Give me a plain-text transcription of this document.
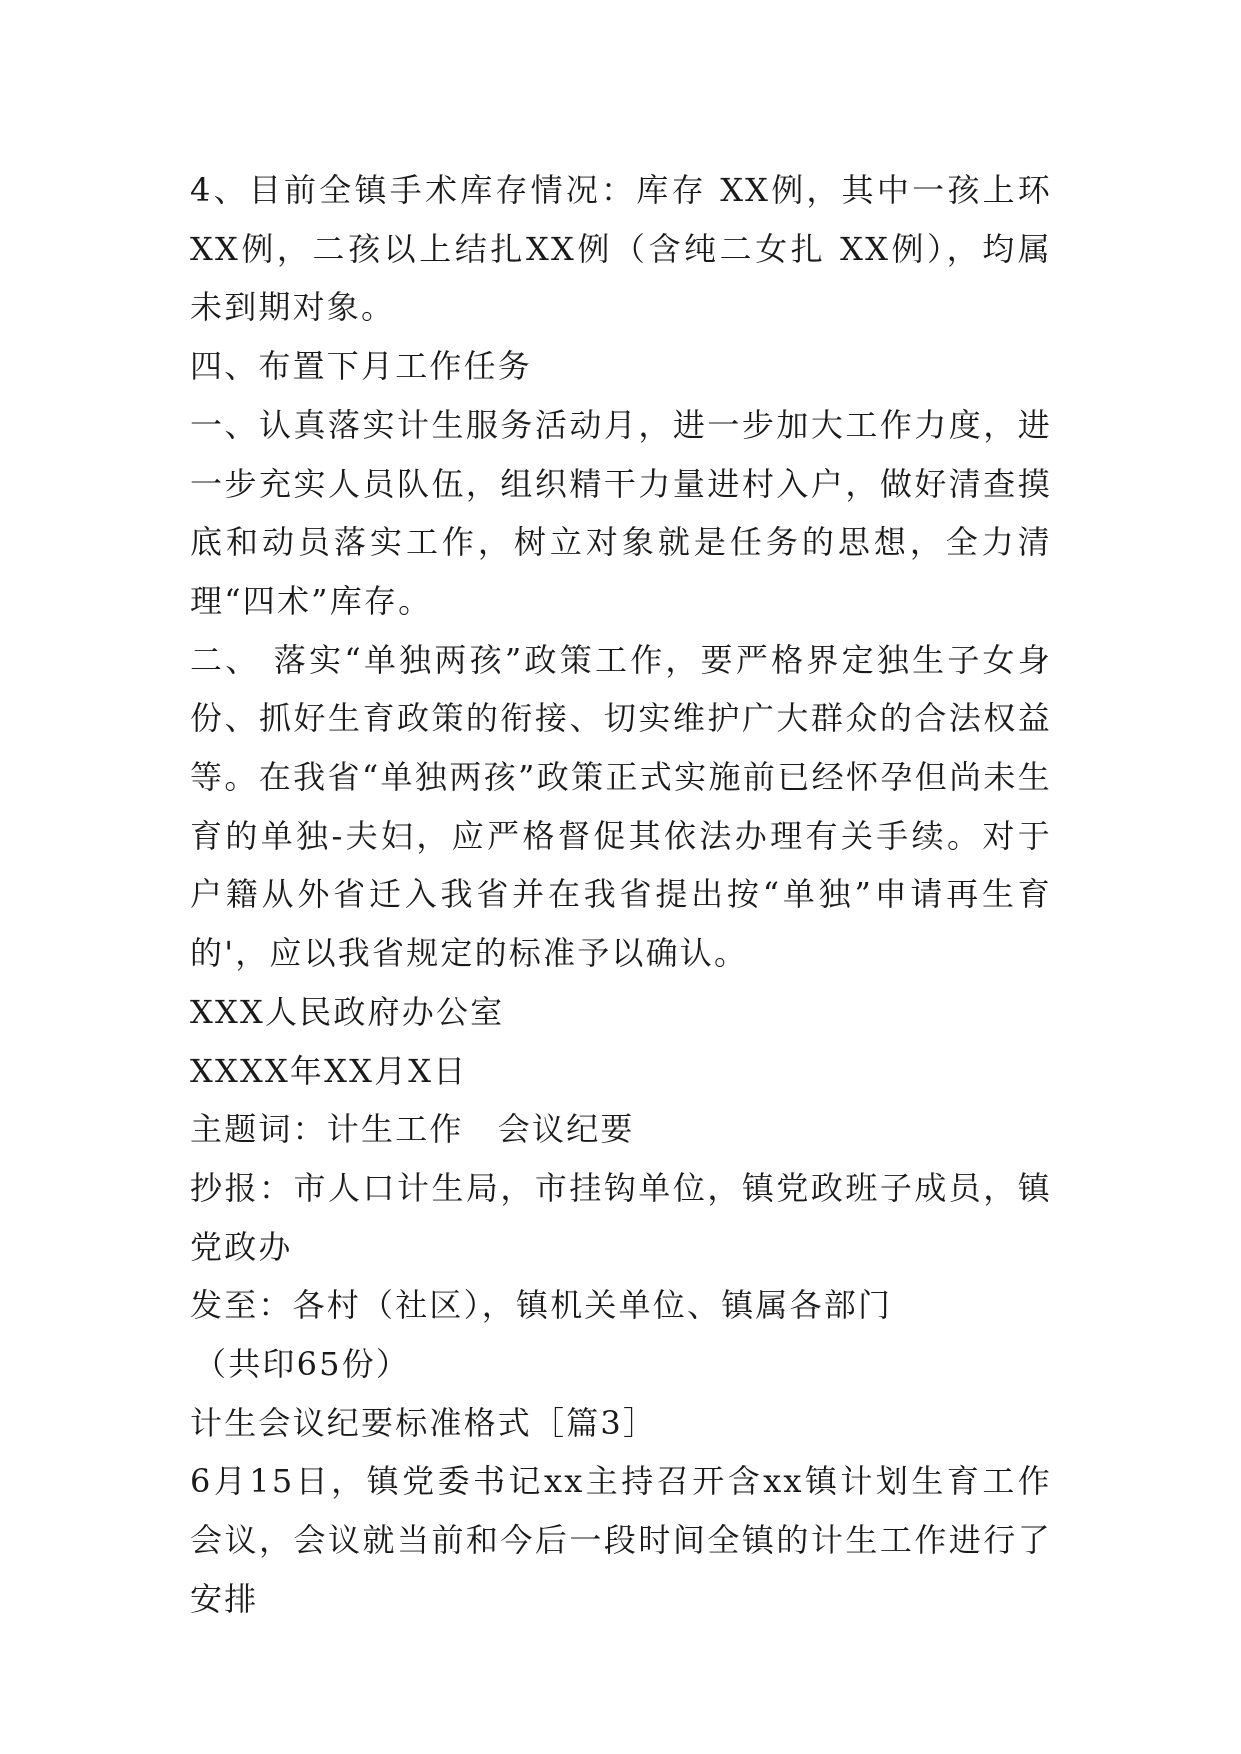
4、目前全镇手术库存情况：库存 XX例，其中一孩上环XX例，二孩以上结扎XX例（含纯二女扎 XX例），均属未到期对象。

四、布置下月工作任务

一、认真落实计生服务活动月，进一步加大工作力度，进一步充实人员队伍，组织精干力量进村入户，做好清查摸底和动员落实工作，树立对象就是任务的思想，全力清理“四术”库存。

二、 落实“单独两孩”政策工作，要严格界定独生子女身份、抓好生育政策的衔接、切实维护广大群众的合法权益等。在我省“单独两孩”政策正式实施前已经怀孕但尚未生育的单独-夫妇，应严格督促其依法办理有关手续。对于户籍从外省迁入我省并在我省提出按“单独”申请再生育的'，应以我省规定的标准予以确认。

XXX人民政府办公室

XXXX年XX月X日

主题词：计生工作　会议纪要

抄报：市人口计生局，市挂钩单位，镇党政班子成员，镇党政办

发至：各村（社区），镇机关单位、镇属各部门

（共印65份）

计生会议纪要标准格式［篇3］

6月15日，镇党委书记xx主持召开含xx镇计划生育工作会议，会议就当前和今后一段时间全镇的计生工作进行了安排
